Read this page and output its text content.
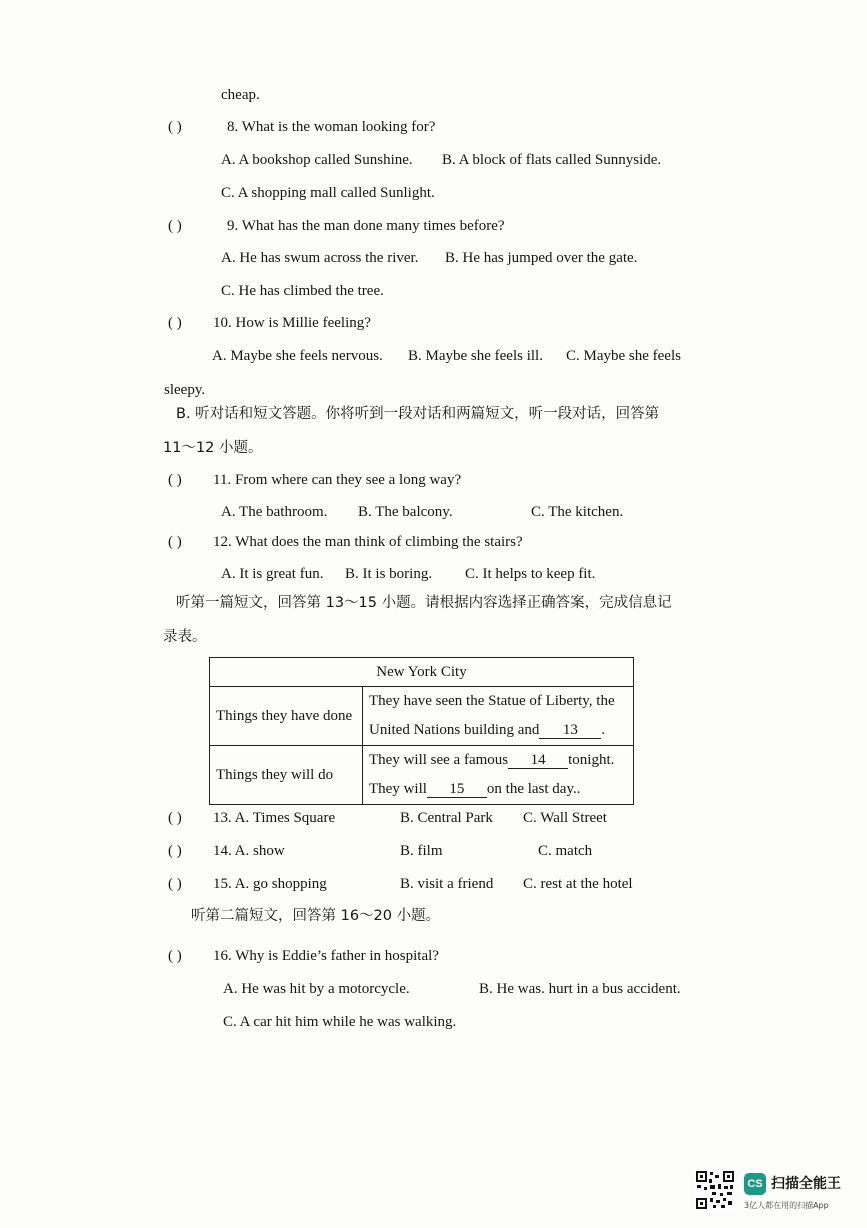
cheap.
( )	8. What is the woman looking for?
A. A bookshop called Sunshine. B. A block of flats called Sunnyside.
C. A shopping mall called Sunlight.
( )	9. What has the man done many times before?
A. He has swum across the river. B. He has jumped over the gate.
C. He has climbed the tree.
( ) 10. How is Millie feeling?
A. Maybe she feels nervous. B. Maybe she feels ill. C. Maybe she feels
sleepy.
B. 听对话和短文答题。你将听到一段对话和两篇短文，听一段对话，回答第
11～12 小题。
( ) 11. From where can they see a long way?
A. The bathroom. B. The balcony.	C. The kitchen.
( ) 12. What does the man think of climbing the stairs?
A. It is great fun. B. It is boring. C. It helps to keep fit.
听第一篇短文，回答第 13～15 小题。请根据内容选择正确答案，完成信息记
录表。
New York City	
Things they have done	They have seen the Statue of Liberty, the
United Nations building and 13 .

Things they will do	They will see a famous 14 tonight.
They will 15 on the last day..
( ) 13. A. Times Square	B. Central Park C. Wall Street
( ) 14. A. show	B. film	C. match
( ) 15. A. go shopping	B. visit a friend C. rest at the hotel
听第二篇短文，回答第 16～20 小题。
( ) 16. Why is Eddie’s father in hospital?
A. He was hit by a motorcycle.	B. He was. hurt in a bus accident.
C. A car hit him while he was walking.
CS 扫描全能王
3亿人都在用的扫描App
